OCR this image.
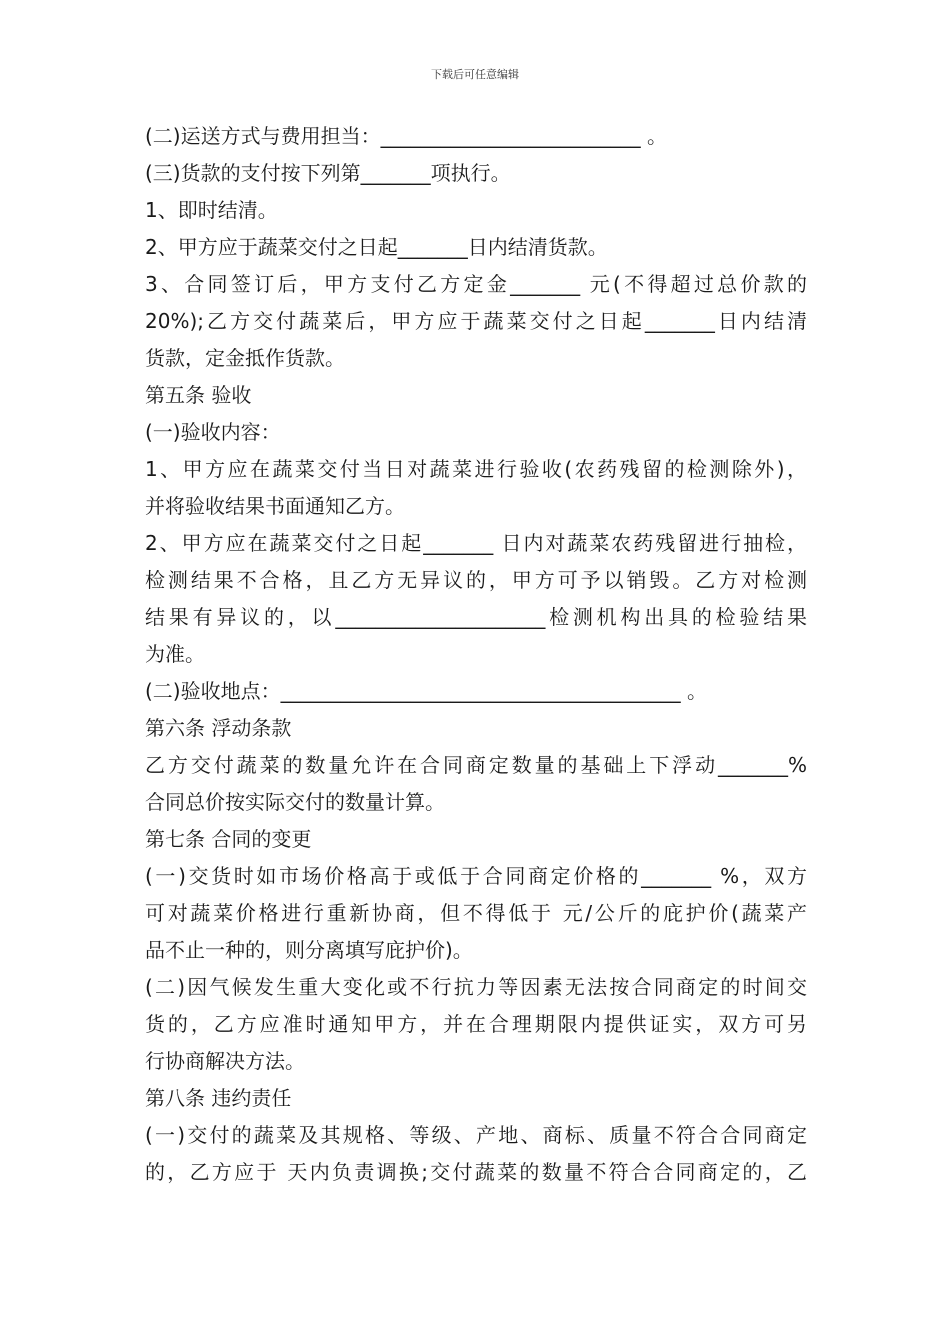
下载后可任意编辑
(二)运送方式与费用担当：__________________________ 。
(三)货款的支付按下列第_______项执行。
1、即时结清。
2、甲方应于蔬菜交付之日起_______日内结清货款。
3、合同签订后，甲方支付乙方定金_______ 元(不得超过总价款的
20%);乙方交付蔬菜后，甲方应于蔬菜交付之日起_______日内结清
货款，定金抵作货款。
第五条 验收
(一)验收内容：
1、甲方应在蔬菜交付当日对蔬菜进行验收(农药残留的检测除外)，
并将验收结果书面通知乙方。
2、甲方应在蔬菜交付之日起_______ 日内对蔬菜农药残留进行抽检，
检测结果不合格，且乙方无异议的，甲方可予以销毁。乙方对检测
结果有异议的，以_____________________检测机构出具的检验结果
为准。
(二)验收地点：________________________________________ 。
第六条 浮动条款
乙方交付蔬菜的数量允许在合同商定数量的基础上下浮动_______%
合同总价按实际交付的数量计算。
第七条 合同的变更
(一)交货时如市场价格高于或低于合同商定价格的_______ %，双方
可对蔬菜价格进行重新协商，但不得低于 元/公斤的庇护价(蔬菜产
品不止一种的，则分离填写庇护价)。
(二)因气候发生重大变化或不行抗力等因素无法按合同商定的时间交
货的，乙方应准时通知甲方，并在合理期限内提供证实，双方可另
行协商解决方法。
第八条 违约责任
(一)交付的蔬菜及其规格、等级、产地、商标、质量不符合合同商定
的，乙方应于 天内负责调换;交付蔬菜的数量不符合合同商定的，乙
